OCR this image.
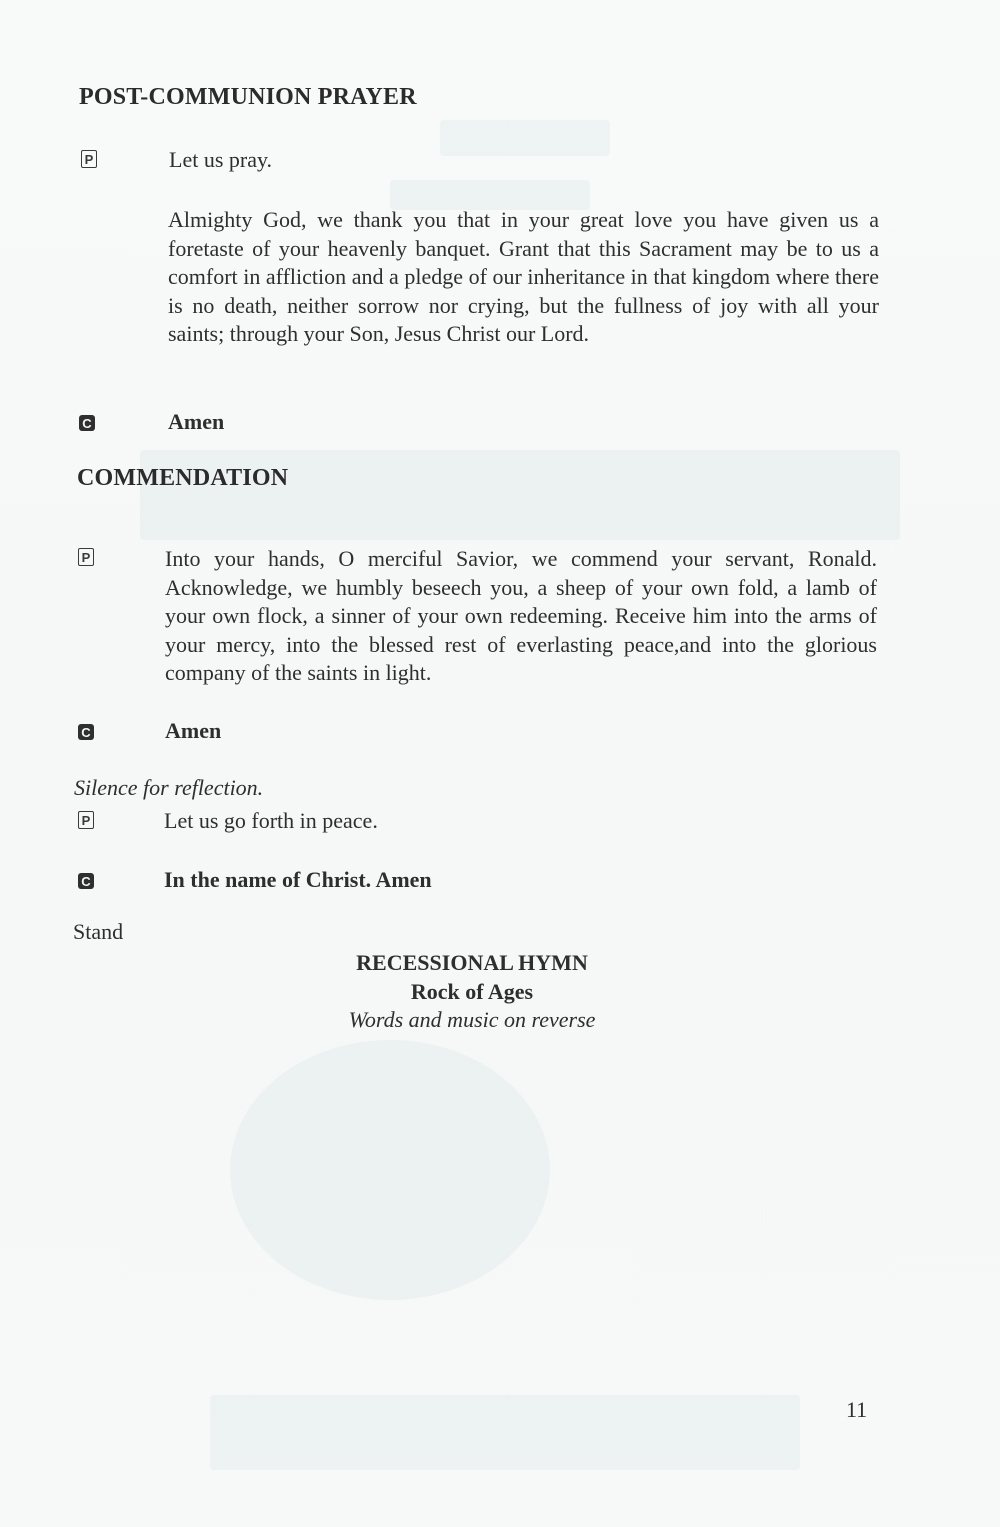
POST-COMMUNION PRAYER
P	Let us pray.
Almighty God, we thank you that in your great love you have given us a foretaste of your heavenly banquet. Grant that this Sacrament may be to us a comfort in affliction and a pledge of our inheritance in that kingdom where there is no death, neither sorrow nor crying, but the fullness of joy with all your saints; through your Son, Jesus Christ our Lord.
C	Amen
COMMENDATION
P	Into your hands, O merciful Savior, we commend your servant, Ronald. Acknowledge, we humbly beseech you, a sheep of your own fold, a lamb of your own flock, a sinner of your own redeeming. Receive him into the arms of your mercy, into the blessed rest of everlasting peace,and into the glorious company of the saints in light.
C	Amen
Silence for reflection.
P	Let us go forth in peace.
C	In the name of Christ. Amen
Stand
RECESSIONAL HYMN
Rock of Ages
Words and music on reverse
11
